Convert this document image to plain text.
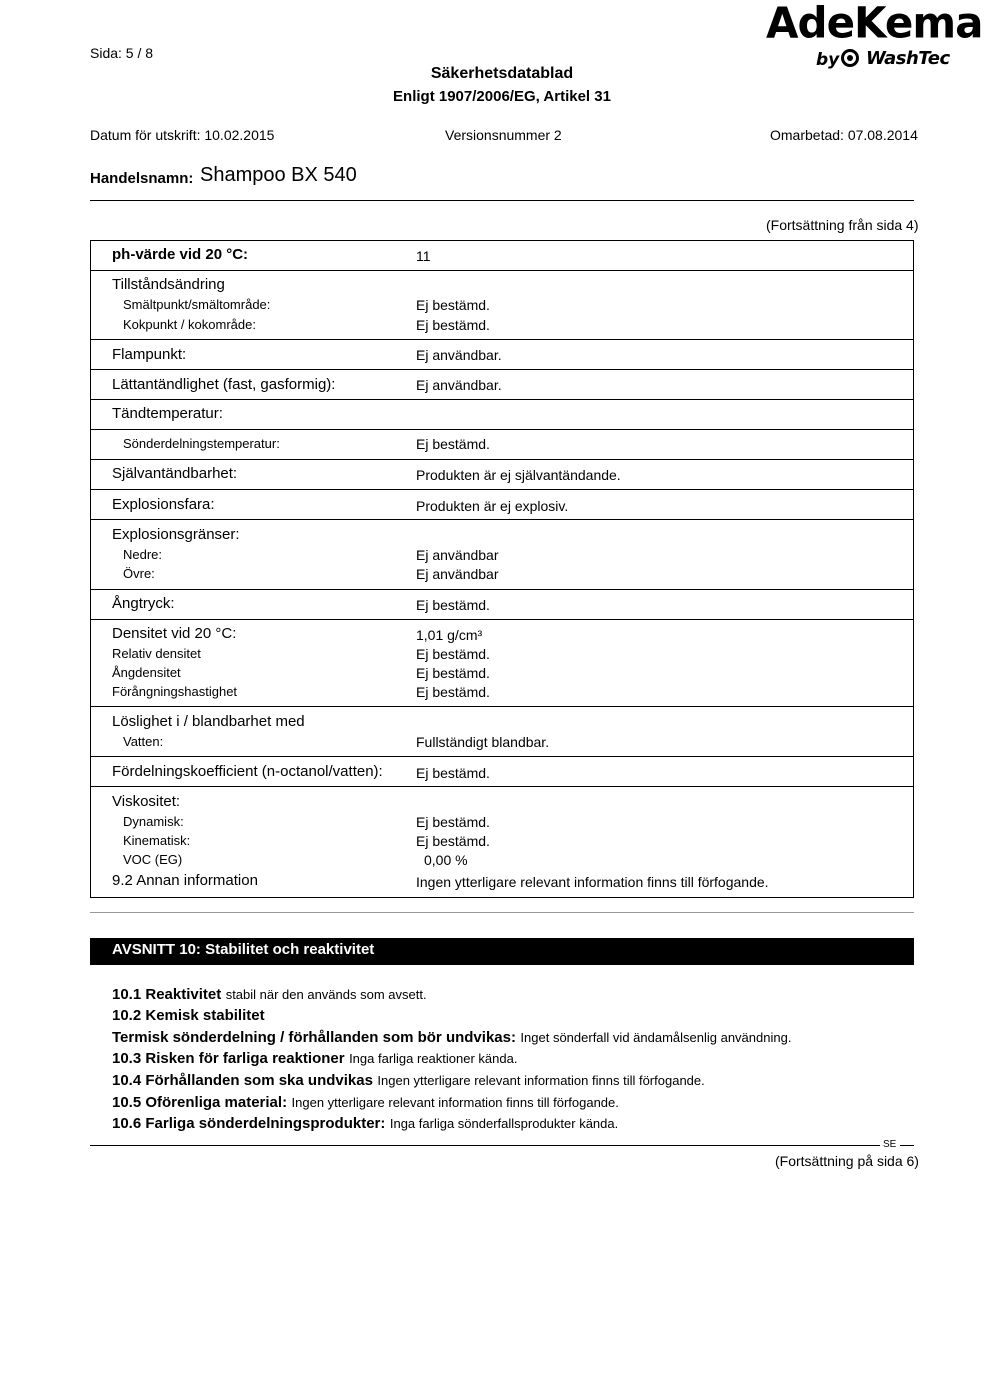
Sida: 5 / 8
Säkerhetsdatablad
Enligt 1907/2006/EG, Artikel 31
AdeKema
by WashTec
Datum för utskrift: 10.02.2015	Versionsnummer 2	Omarbetad: 07.08.2014
Handelsnamn: Shampoo BX 540
(Fortsättning från sida 4)
ph-värde vid 20 °C:	11
Tillståndsändring
Smältpunkt/smältområde:	Ej bestämd.
Kokpunkt / kokområde:	Ej bestämd.
Flampunkt:	Ej användbar.
Lättantändlighet (fast, gasformig):	Ej användbar.
Tändtemperatur:
Sönderdelningstemperatur:	Ej bestämd.
Självantändbarhet:	Produkten är ej självantändande.
Explosionsfara:	Produkten är ej explosiv.
Explosionsgränser:
Nedre:	Ej användbar
Övre:	Ej användbar
Ångtryck:	Ej bestämd.
Densitet vid 20 °C:	1,01 g/cm³
Relativ densitet	Ej bestämd.
Ångdensitet	Ej bestämd.
Förångningshastighet	Ej bestämd.
Löslighet i / blandbarhet med
Vatten:	Fullständigt blandbar.
Fördelningskoefficient (n-octanol/vatten): Ej bestämd.
Viskositet:
Dynamisk:	Ej bestämd.
Kinematisk:	Ej bestämd.
VOC (EG)	0,00 %
9.2 Annan information	Ingen ytterligare relevant information finns till förfogande.
AVSNITT 10: Stabilitet och reaktivitet
10.1 Reaktivitet stabil när den används som avsett.
10.2 Kemisk stabilitet
Termisk sönderdelning / förhållanden som bör undvikas: Inget sönderfall vid ändamålsenlig användning.
10.3 Risken för farliga reaktioner Inga farliga reaktioner kända.
10.4 Förhållanden som ska undvikas Ingen ytterligare relevant information finns till förfogande.
10.5 Oförenliga material: Ingen ytterligare relevant information finns till förfogande.
10.6 Farliga sönderdelningsprodukter: Inga farliga sönderfallsprodukter kända.
SE
(Fortsättning på sida 6)
